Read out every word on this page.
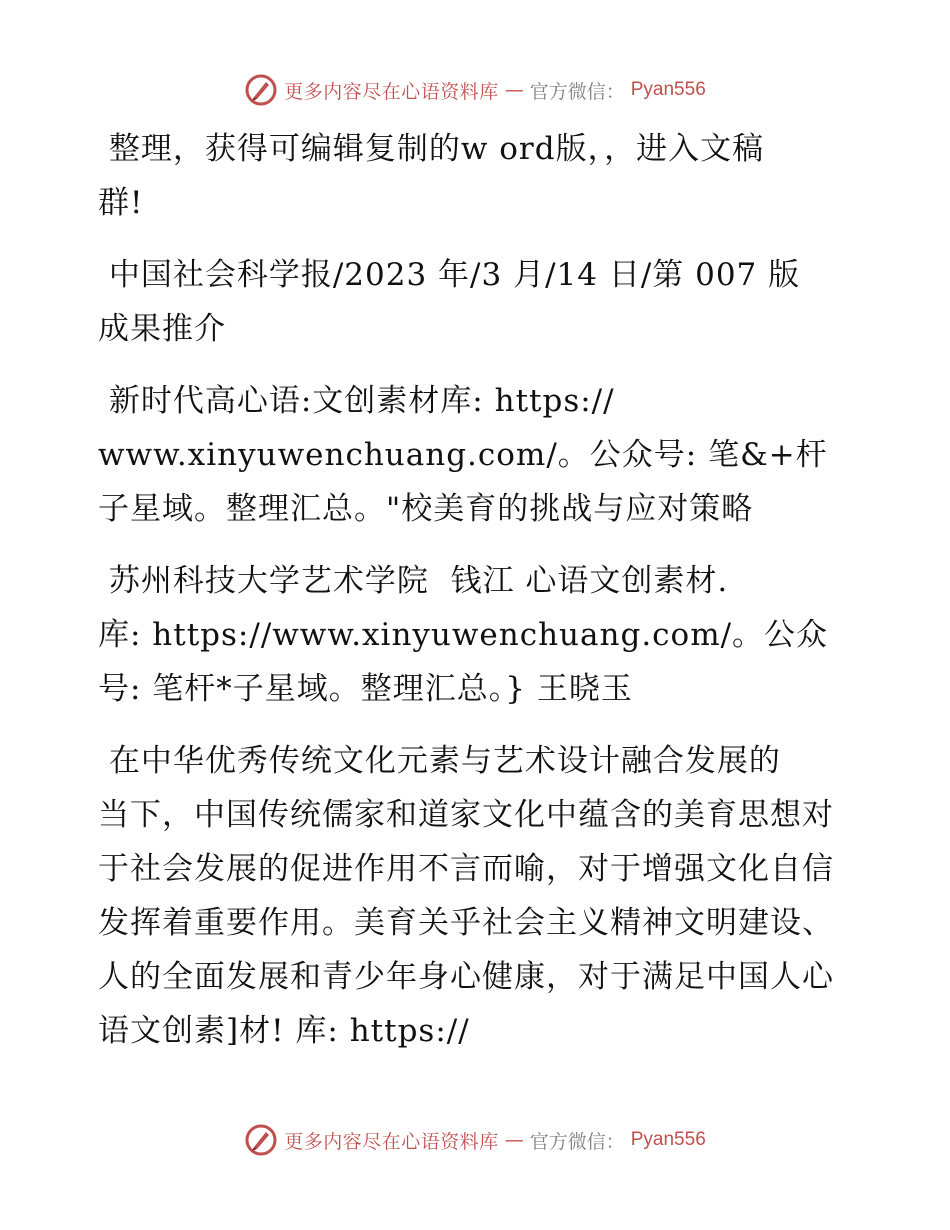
更多内容尽在心语资料库 — 官方微信： Pyan556

整理，获得可编辑复制的w ord版，，进入文稿
群!

中国社会科学报/2023 年/3 月/14 日/第 007 版
成果推介

新时代高心语:文创素材库: https://
www.xinyuwenchuang.com/。公众号: 笔&+杆子星域。整理汇总。"校美育的挑战与应对策略

苏州科技大学艺术学院  钱江 心语文创素材.
库: https://www.xinyuwenchuang.com/。公众号: 笔杆*子星域。整理汇总。} 王晓玉

在中华优秀传统文化元素与艺术设计融合发展的
当下，中国传统儒家和道家文化中蕴含的美育思想对于社会发展的促进作用不言而喻，对于增强文化自信发挥着重要作用。美育关乎社会主义精神文明建设、人的全面发展和青少年身心健康，对于满足中国人心语文创素]材! 库: https://

更多内容尽在心语资料库 — 官方微信： Pyan556
